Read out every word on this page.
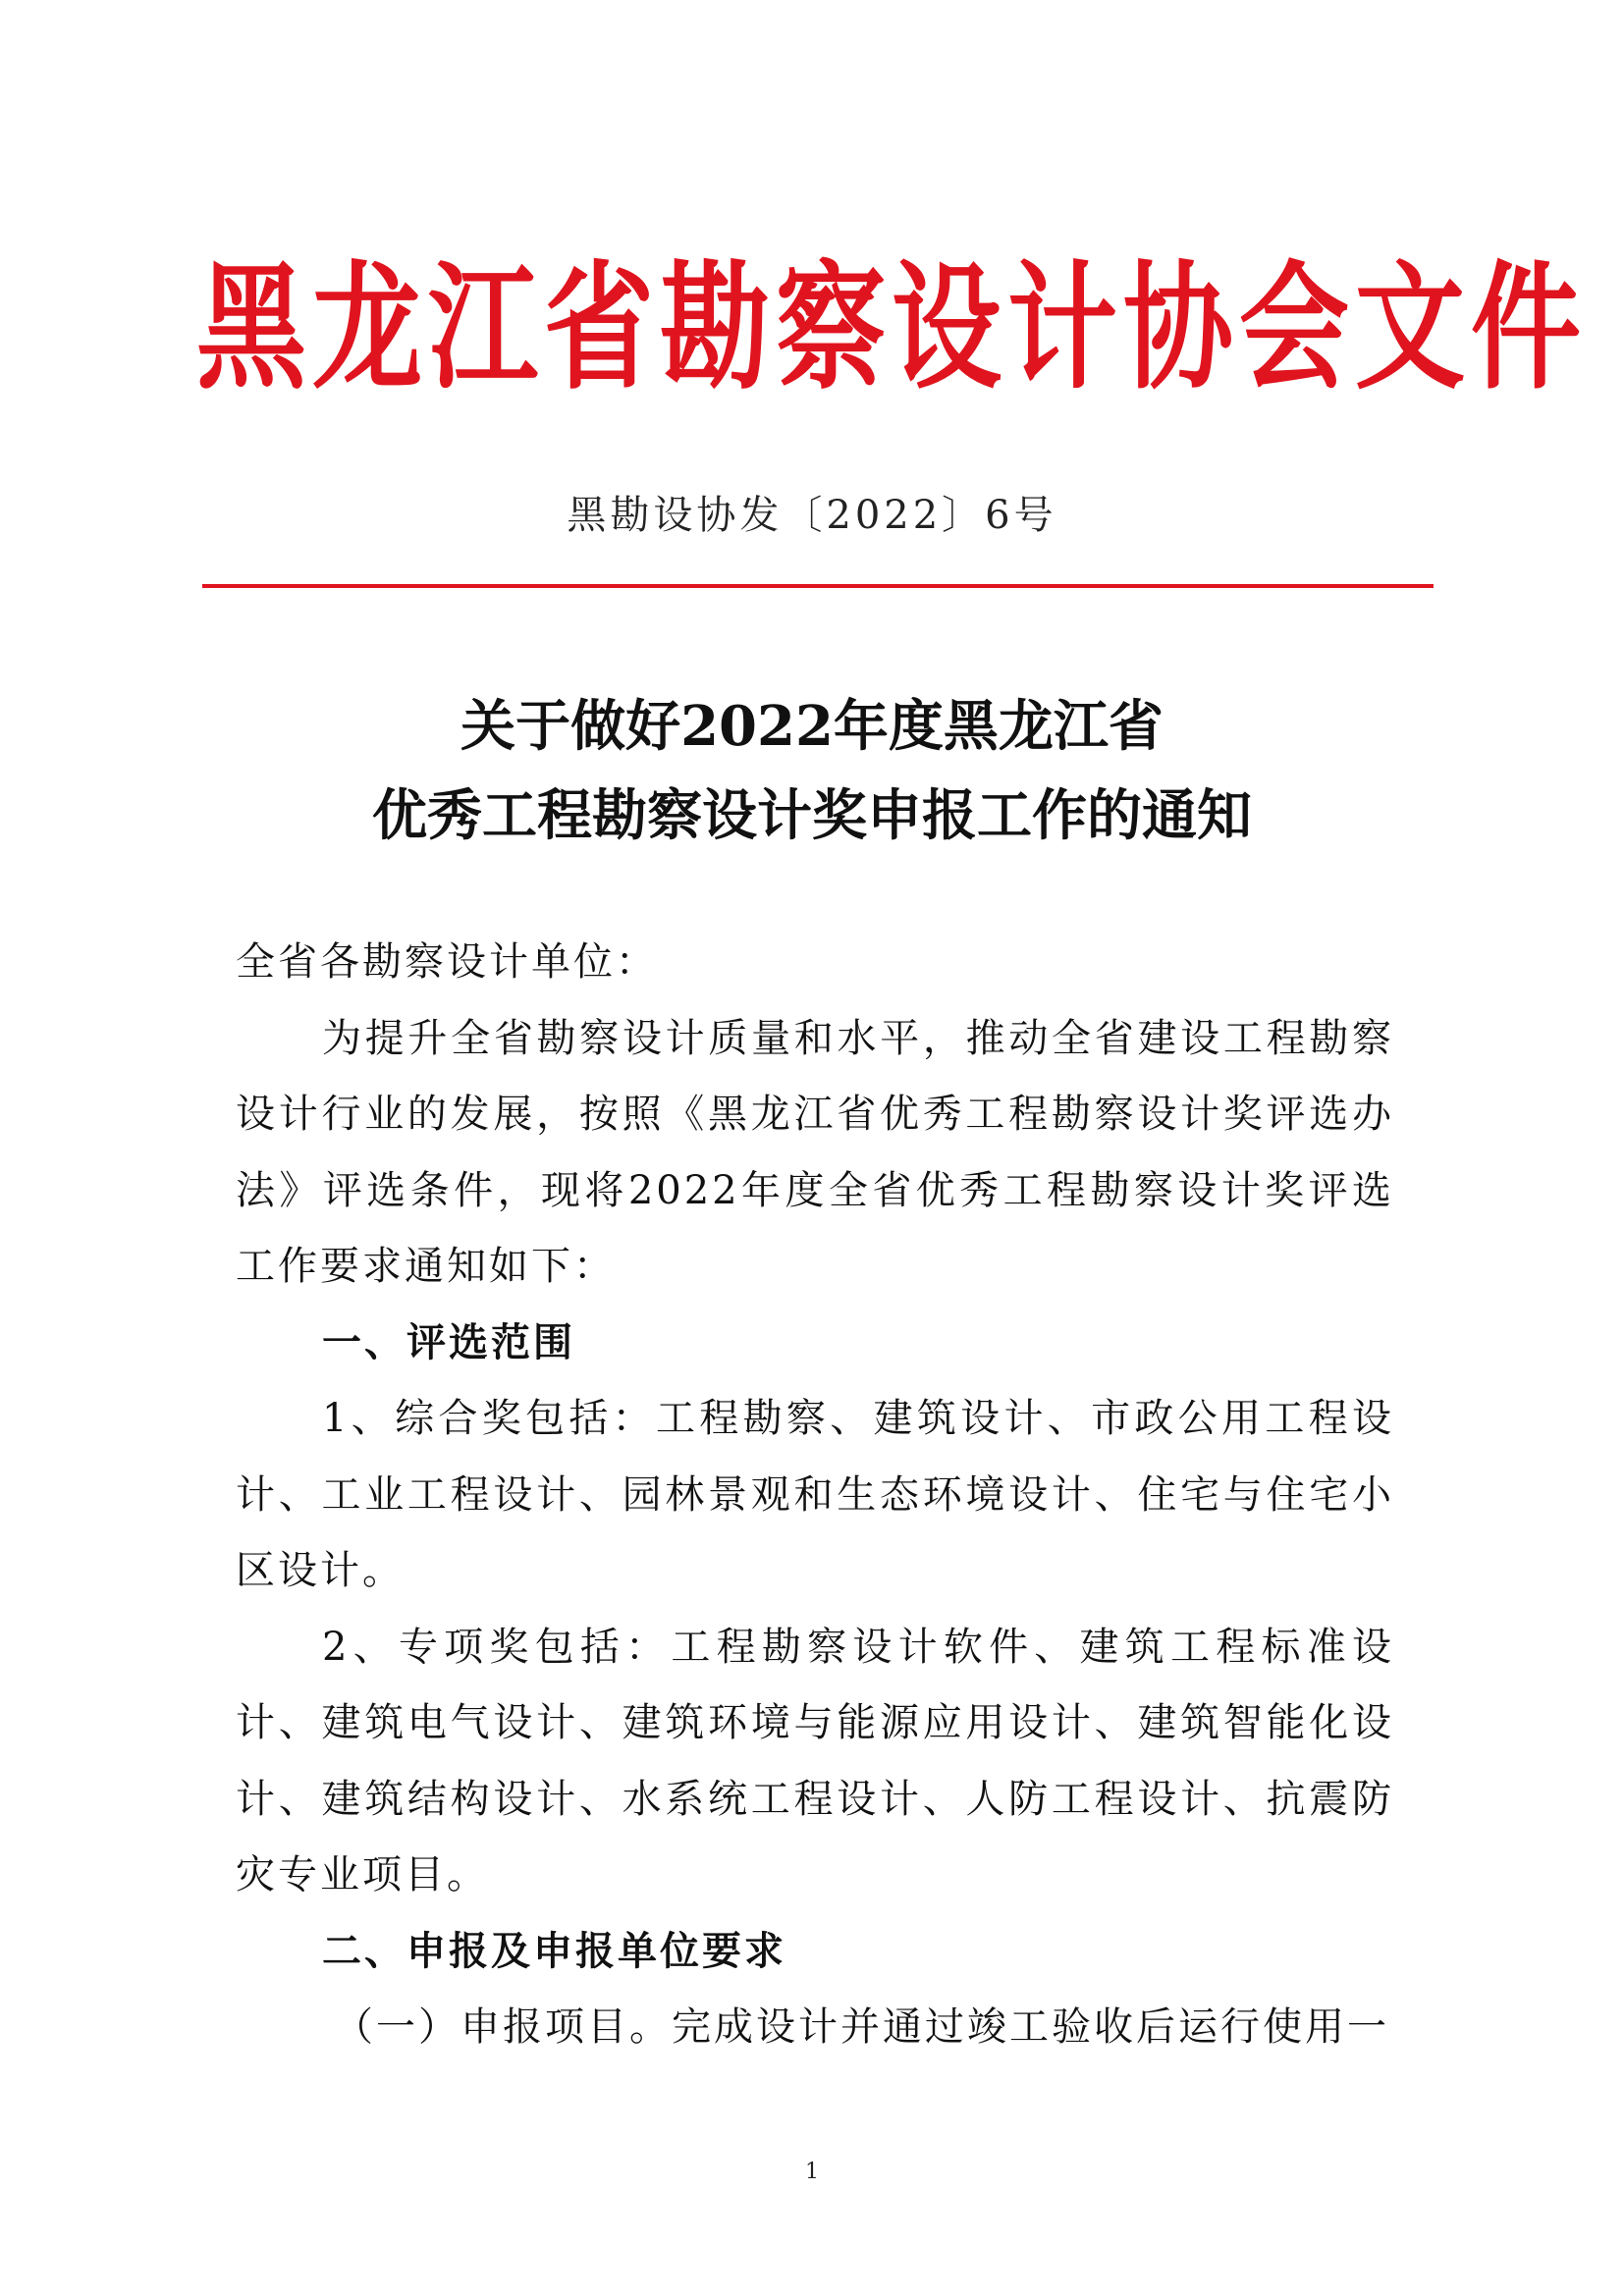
黑龙江省勘察设计协会文件
黑勘设协发〔2022〕6号
关于做好2022年度黑龙江省
优秀工程勘察设计奖申报工作的通知

全省各勘察设计单位：

为提升全省勘察设计质量和水平，推动全省建设工程勘察设计行业的发展，按照《黑龙江省优秀工程勘察设计奖评选办法》评选条件，现将2022年度全省优秀工程勘察设计奖评选工作要求通知如下：

一、评选范围

1、综合奖包括：工程勘察、建筑设计、市政公用工程设计、工业工程设计、园林景观和生态环境设计、住宅与住宅小区设计。

2、专项奖包括：工程勘察设计软件、建筑工程标准设计、建筑电气设计、建筑环境与能源应用设计、建筑智能化设计、建筑结构设计、水系统工程设计、人防工程设计、抗震防灾专业项目。

二、申报及申报单位要求

（一）申报项目。完成设计并通过竣工验收后运行使用一

1
